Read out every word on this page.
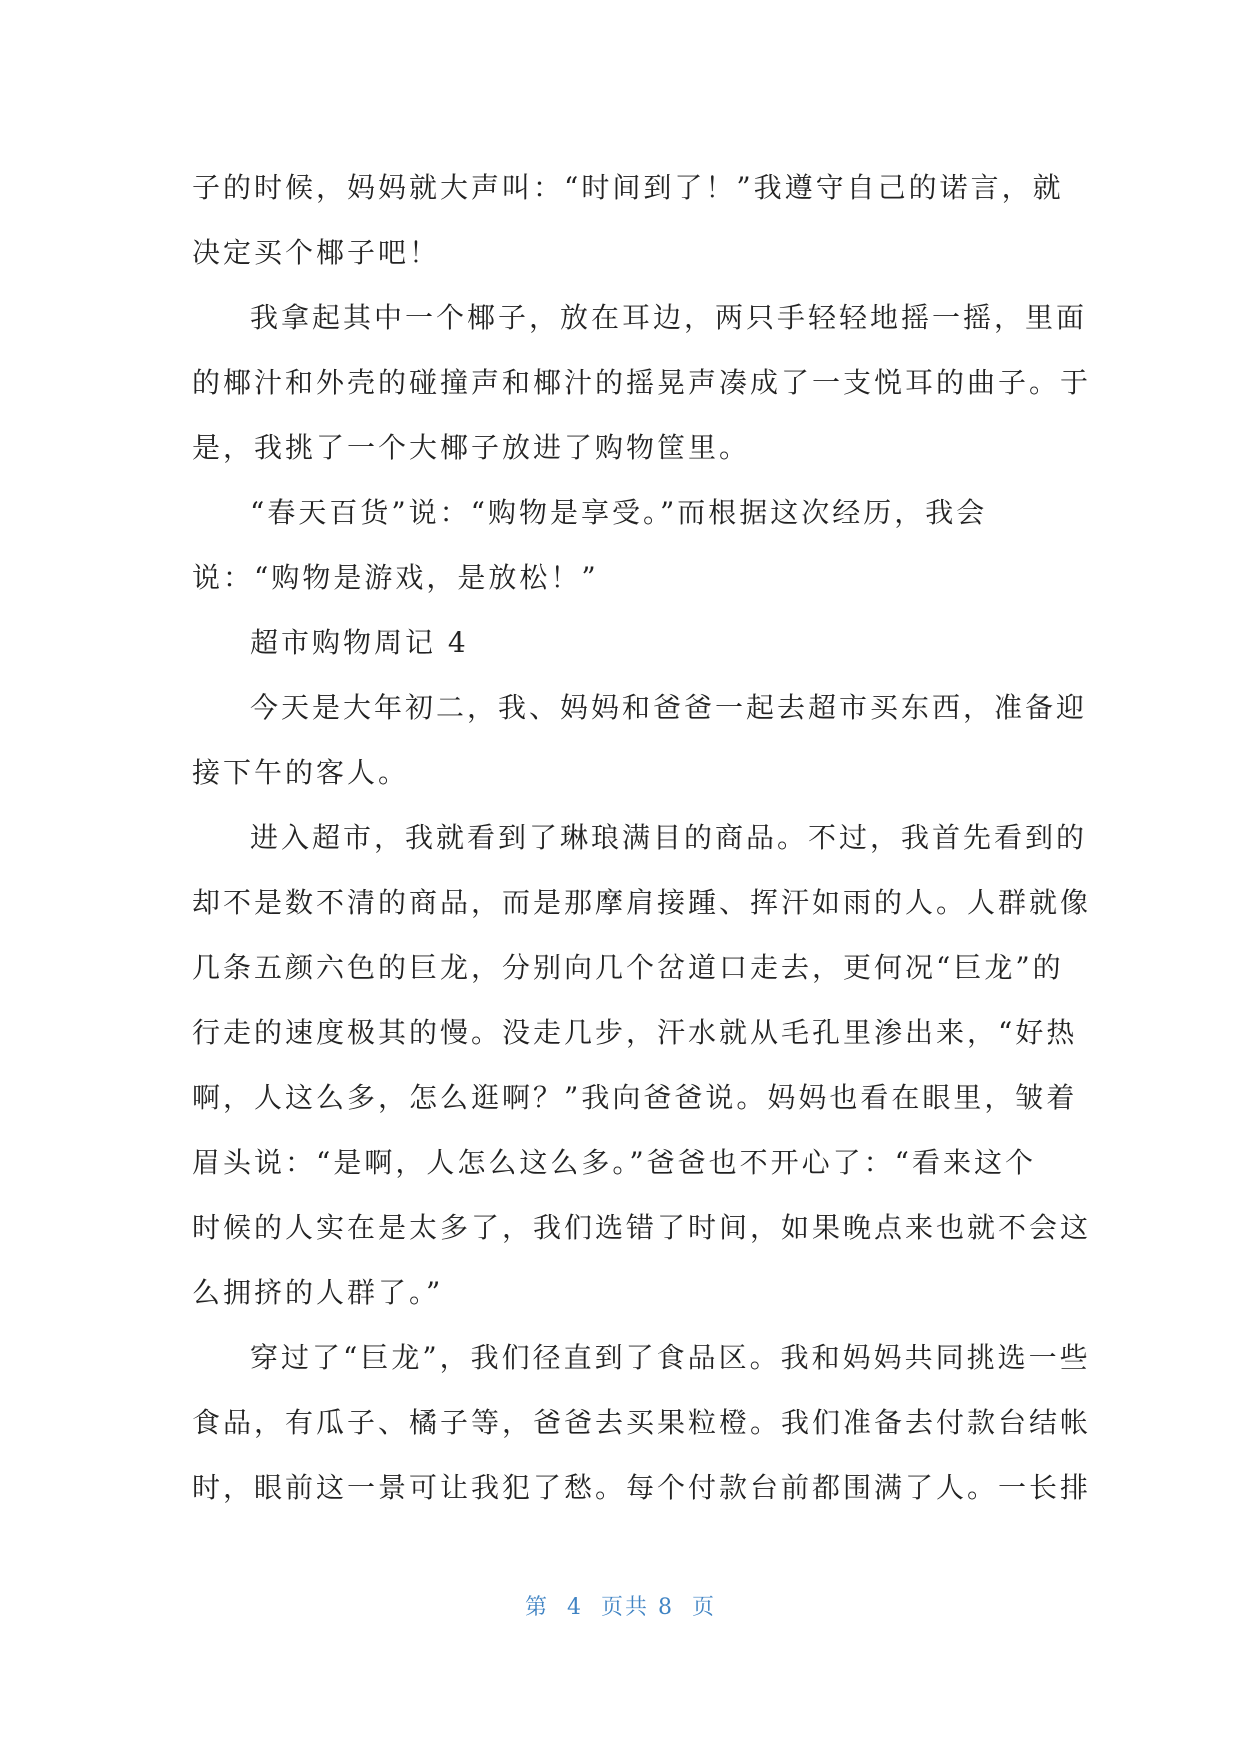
子的时候，妈妈就大声叫：“时间到了！”我遵守自己的诺言，就
决定买个椰子吧！
我拿起其中一个椰子，放在耳边，两只手轻轻地摇一摇，里面
的椰汁和外壳的碰撞声和椰汁的摇晃声凑成了一支悦耳的曲子。于
是，我挑了一个大椰子放进了购物筐里。
“春天百货”说：“购物是享受。”而根据这次经历，我会
说：“购物是游戏，是放松！”
超市购物周记 4
今天是大年初二，我、妈妈和爸爸一起去超市买东西，准备迎
接下午的客人。
进入超市，我就看到了琳琅满目的商品。不过，我首先看到的
却不是数不清的商品，而是那摩肩接踵、挥汗如雨的人。人群就像
几条五颜六色的巨龙，分别向几个岔道口走去，更何况“巨龙”的
行走的速度极其的慢。没走几步，汗水就从毛孔里渗出来，“好热
啊，人这么多，怎么逛啊？”我向爸爸说。妈妈也看在眼里，皱着
眉头说：“是啊，人怎么这么多。”爸爸也不开心了：“看来这个
时候的人实在是太多了，我们选错了时间，如果晚点来也就不会这
么拥挤的人群了。”
穿过了“巨龙”，我们径直到了食品区。我和妈妈共同挑选一些
食品，有瓜子、橘子等，爸爸去买果粒橙。我们准备去付款台结帐
时，眼前这一景可让我犯了愁。每个付款台前都围满了人。一长排
第  4  页共 8  页
